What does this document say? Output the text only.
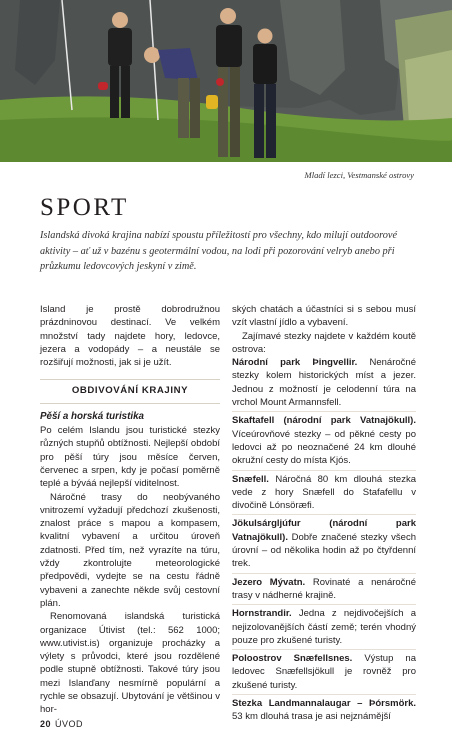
Mladí lezci, Vestmanské ostrovy
SPORT

Islandská divoká krajina nabízí spoustu příležitostí pro všechny, kdo milují outdoorové aktivity – ať už v bazénu s geotermální vodou, na lodi při pozorování velryb anebo při průzkumu ledovcových jeskyní v zimě.

Island je prostě dobrodružnou prázdninovou destinací. Ve velkém množství tady najdete hory, ledovce, jezera a vodopády – a neustále se rozšiřují možnosti, jak si je užít.

OBDIVOVÁNÍ KRAJINY

Pěší a horská turistika

Po celém Islandu jsou turistické stezky různých stupňů obtížnosti. Nejlepší období pro pěší túry jsou měsíce červen, červenec a srpen, kdy je počasí poměrně teplé a býváá nejlepší viditelnost.

Náročné trasy do neobývaného vnitrozemí vyžadují předchozí zkušenosti, znalost práce s mapou a kompasem, kvalitní vybavení a určitou úroveň zdatnosti. Před tím, než vyrazíte na túru, vždy zkontrolujte meteorologické předpovědi, vydejte se na cestu řádně vybaveni a zanechte někde svůj cestovní plán.

Renomovaná islandská turistická organizace Útivist (tel.: 562 1000; www.utivist.is) organizuje procházky a výlety s průvodci, které jsou rozdělené podle stupně obtížnosti. Takové túry jsou mezi Islanďany nesmírně populární a rychle se obsazují. Ubytování je většinou v hor-

ských chatách a účastníci si s sebou musí vzít vlastní jídlo a vybavení.

Zajímavé stezky najdete v každém koutě ostrova:

Národní park Þingvellir. Nenáročné stezky kolem historických míst a jezer. Jednou z možností je celodenní túra na vrchol Mount Armannsfell.

Skaftafell (národní park Vatnajökull). Víceúrovňové stezky – od pěkné cesty po ledovci až po neoznačené 24 km dlouhé okružní cesty do místa Kjós.

Snæfell. Náročná 80 km dlouhá stezka vede z hory Snæfell do Stafafellu v divočině Lónsöræfi.

Jökulsárgljúfur (národní park Vatnajökull). Dobře značené stezky všech úrovní – od několika hodin až po čtyřdenní trek.

Jezero Mývatn. Rovinaté a nenáročné trasy v nádherné krajině.

Hornstrandir. Jedna z nejdivočejších a nejizolovanějších částí země; terén vhodný pouze pro zkušené turisty.

Poloostrov Snæfellsnes. Výstup na ledovec Snæfellsjökull je rovněž pro zkušené turisty.

Stezka Landmannalaugar – Þórsmörk. 53 km dlouhá trasa je asi nejznámější

20 ÚVOD
